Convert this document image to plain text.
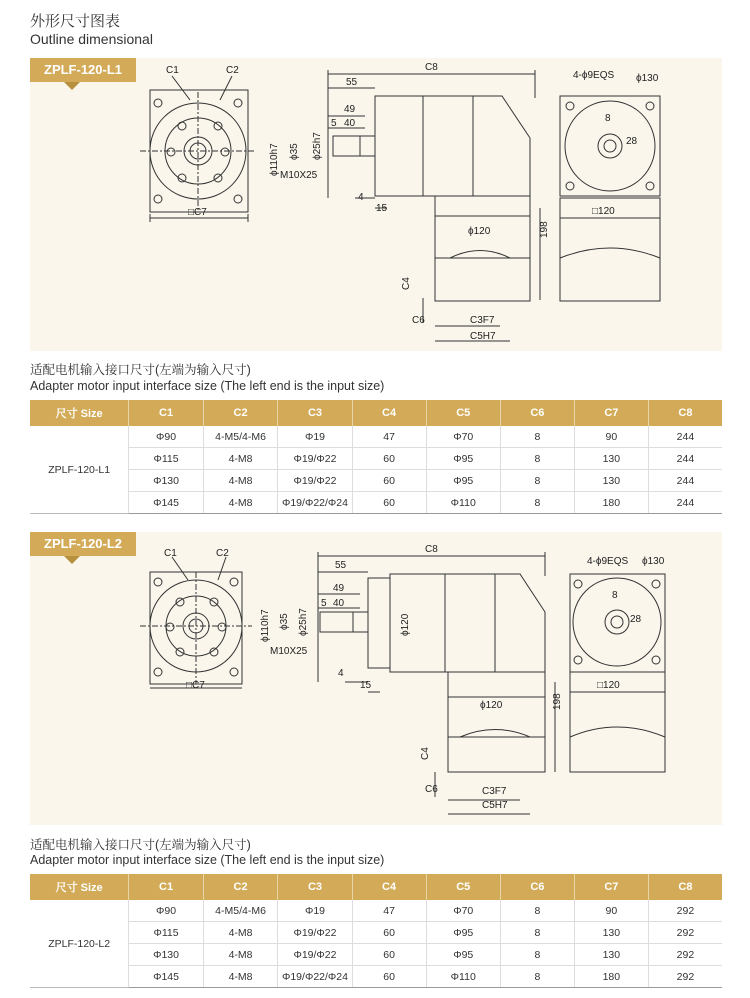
外形尺寸图表
Outline dimensional
C1	C2
□C7
C8
55
49
40
5
4
15
ϕ110h7 ϕ35 ϕ25h7
M10X25
4-ϕ9EQS ϕ130
8
28
□120
198
ϕ120
C4
C6	C3F7
C5H7
ZPLF-120-L1
适配电机输入接口尺寸(左端为输入尺寸)
Adapter motor input interface size (The left end is the input size)
尺寸 Size	C1	C2	C3	C4	C5	C6	C7	C8
ZPLF-120-L1	Φ90	4-M5/4-M6	Φ19	47	Φ70	8	90	244
	Φ115	4-M8	Φ19/Φ22	60	Φ95	8	130	244
	Φ130	4-M8	Φ19/Φ22	60	Φ95	8	130	244
	Φ145	4-M8	Φ19/Φ22/Φ24	60	Φ110	8	180	244
C1	C2
□C7
C8
55
49
40
5
4
15
ϕ110h7 ϕ35 ϕ25h7	ϕ120
M10X25
4-ϕ9EQS ϕ130
8
28
□120
198
ϕ120
C4
C6	C3F7
C5H7
ZPLF-120-L2
适配电机输入接口尺寸(左端为输入尺寸)
Adapter motor input interface size (The left end is the input size)
尺寸 Size	C1	C2	C3	C4	C5	C6	C7	C8
ZPLF-120-L2	Φ90	4-M5/4-M6	Φ19	47	Φ70	8	90	292
	Φ115	4-M8	Φ19/Φ22	60	Φ95	8	130	292
	Φ130	4-M8	Φ19/Φ22	60	Φ95	8	130	292
	Φ145	4-M8	Φ19/Φ22/Φ24	60	Φ110	8	180	292
